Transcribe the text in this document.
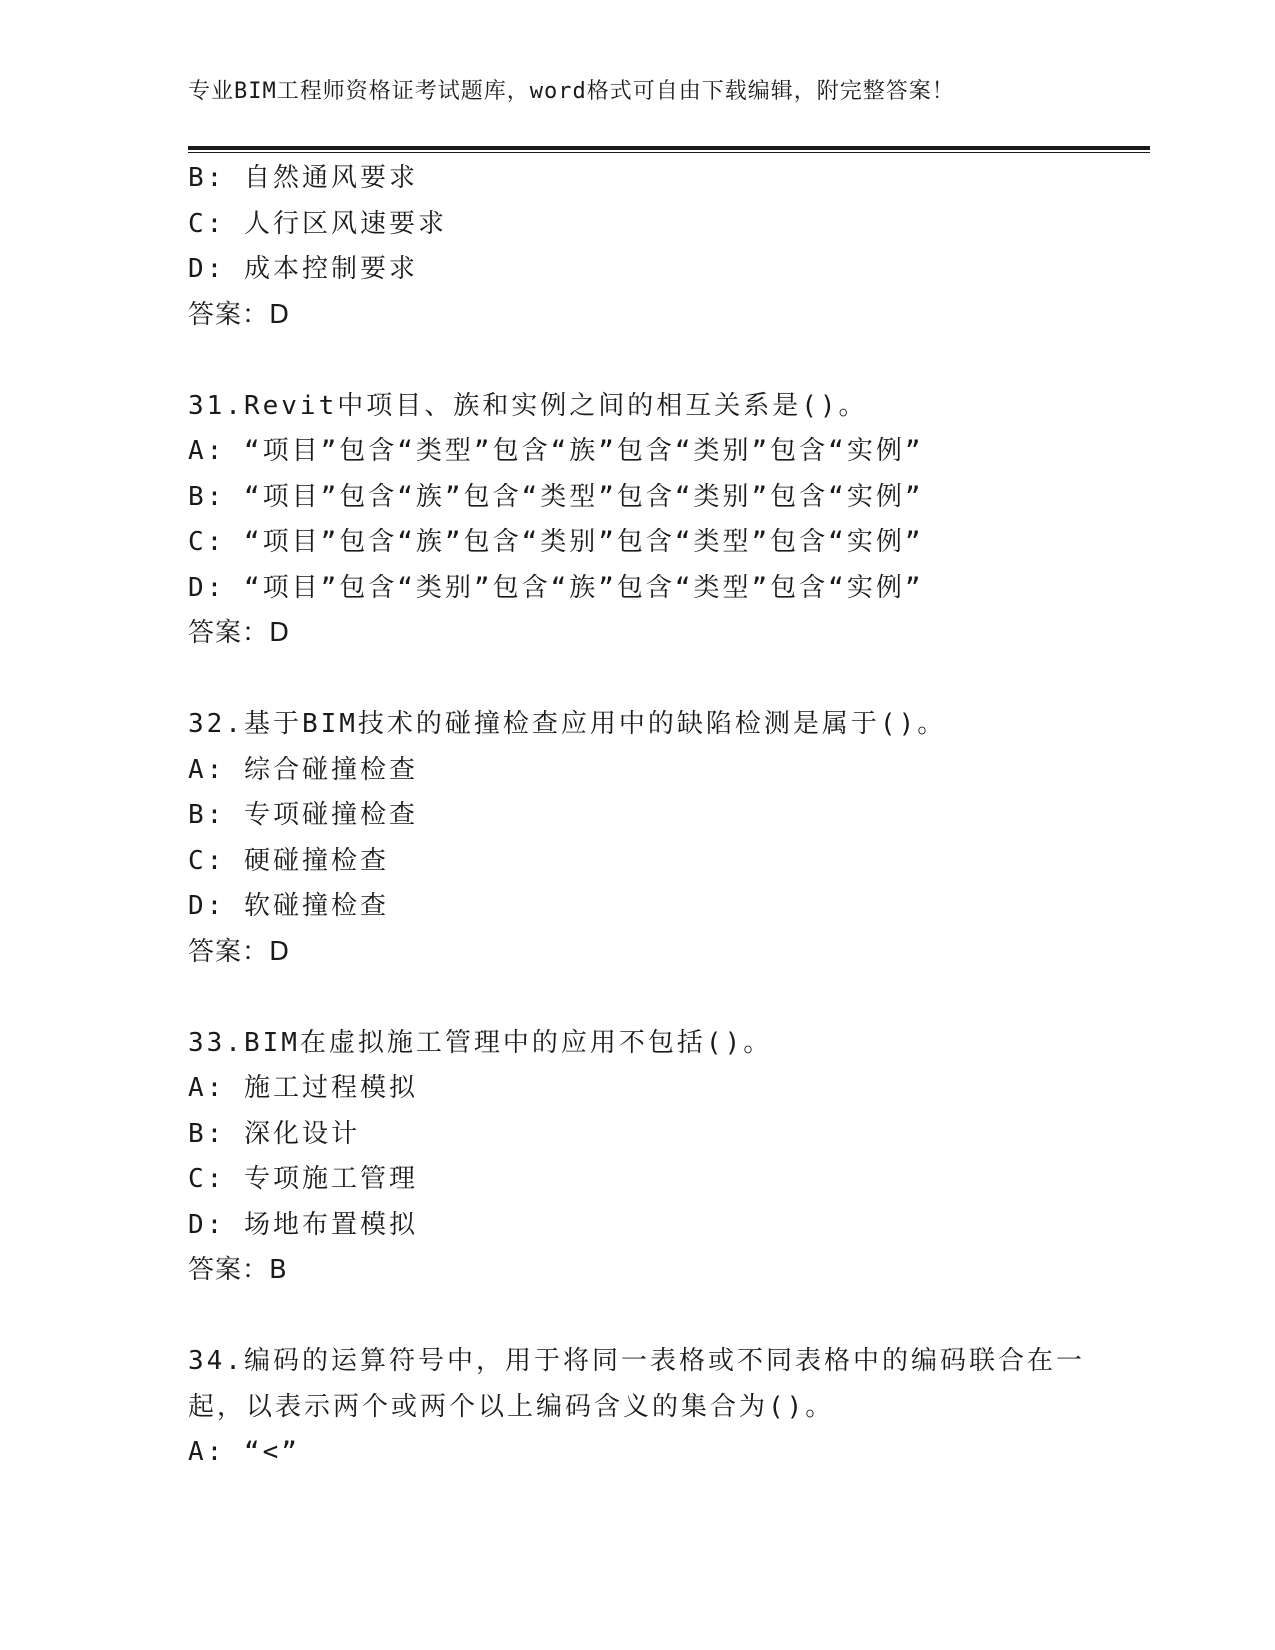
专业BIM工程师资格证考试题库，word格式可自由下载编辑，附完整答案！
B: 自然通风要求
C: 人行区风速要求
D: 成本控制要求
答案：D
31.Revit中项目、族和实例之间的相互关系是()。
A: “项目”包含“类型”包含“族”包含“类别”包含“实例”
B: “项目”包含“族”包含“类型”包含“类别”包含“实例”
C: “项目”包含“族”包含“类别”包含“类型”包含“实例”
D: “项目”包含“类别”包含“族”包含“类型”包含“实例”
答案：D
32.基于BIM技术的碰撞检查应用中的缺陷检测是属于()。
A: 综合碰撞检查
B: 专项碰撞检查
C: 硬碰撞检查
D: 软碰撞检查
答案：D
33.BIM在虚拟施工管理中的应用不包括()。
A: 施工过程模拟
B: 深化设计
C: 专项施工管理
D: 场地布置模拟
答案：B
34.编码的运算符号中，用于将同一表格或不同表格中的编码联合在一
起，以表示两个或两个以上编码含义的集合为()。
A: “<”
